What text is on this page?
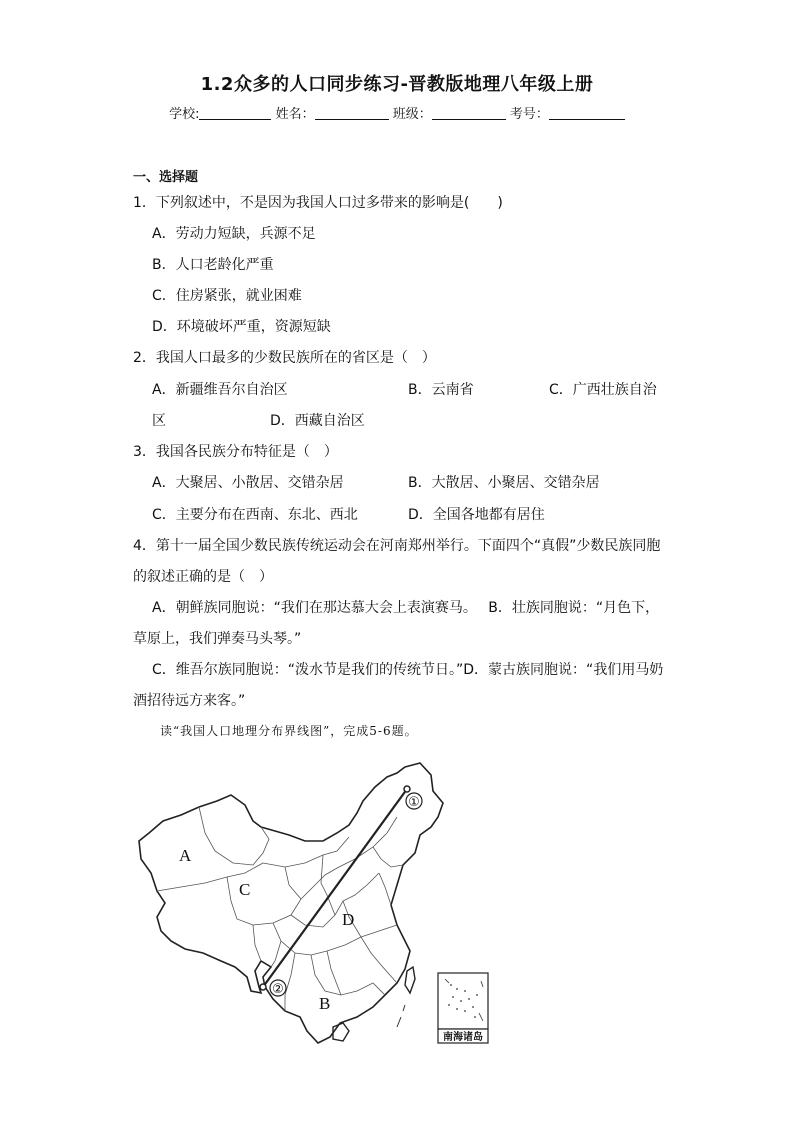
1.2众多的人口同步练习-晋教版地理八年级上册
学校:	姓名：	班级：	考号：
一、选择题
1．下列叙述中，不是因为我国人口过多带来的影响是(　　)
A．劳动力短缺，兵源不足
B．人口老龄化严重
C．住房紧张，就业困难
D．环境破坏严重，资源短缺
2．我国人口最多的少数民族所在的省区是（　）
A．新疆维吾尔自治区	B．云南省	C．广西壮族自治
区	D．西藏自治区
3．我国各民族分布特征是（　）
A．大聚居、小散居、交错杂居	B．大散居、小聚居、交错杂居
C．主要分布在西南、东北、西北	D．全国各地都有居住
4．第十一届全国少数民族传统运动会在河南郑州举行。下面四个“真假”少数民族同胞
的叙述正确的是（　）
A．朝鲜族同胞说：“我们在那达慕大会上表演赛马。　 B．壮族同胞说：“月色下，
草原上，我们弹奏马头琴。”
C．维吾尔族同胞说：“泼水节是我们的传统节日。”D．蒙古族同胞说：“我们用马奶
酒招待远方来客。”
读“我国人口地理分布界线图”，完成5-6题。
①
②
A
C
D
B
南海诸岛
